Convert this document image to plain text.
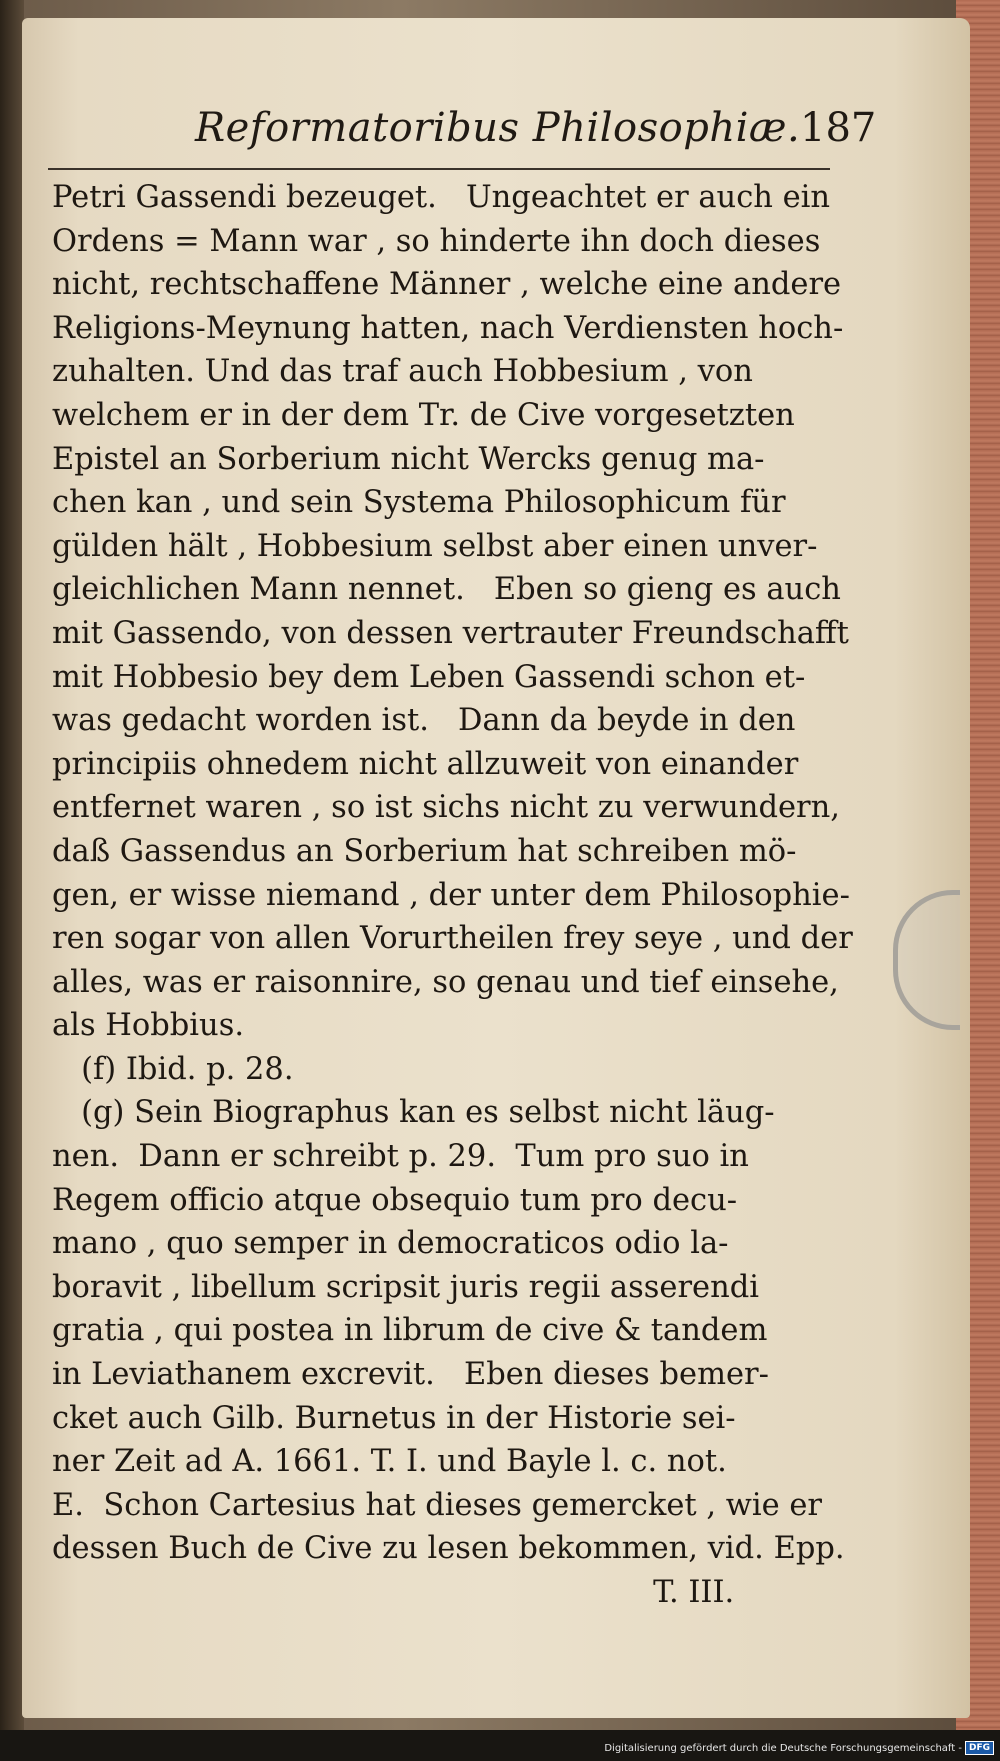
Reformatoribus Philosophiæ. 187
Petri Gassendi bezeuget.   Ungeachtet er auch ein
Ordens = Mann war , so hinderte ihn doch dieses
nicht, rechtschaffene Männer , welche eine andere
Religions-Meynung hatten, nach Verdiensten hoch-
zuhalten. Und das traf auch Hobbesium , von
welchem er in der dem Tr. de Cive vorgesetzten
Epistel an Sorberium nicht Wercks genug ma-
chen kan , und sein Systema Philosophicum für
gülden hält , Hobbesium selbst aber einen unver-
gleichlichen Mann nennet.   Eben so gieng es auch
mit Gassendo, von dessen vertrauter Freundschafft
mit Hobbesio bey dem Leben Gassendi schon et-
was gedacht worden ist.   Dann da beyde in den
principiis ohnedem nicht allzuweit von einander
entfernet waren , so ist sichs nicht zu verwundern,
daß Gassendus an Sorberium hat schreiben mö-
gen, er wisse niemand , der unter dem Philosophie-
ren sogar von allen Vorurtheilen frey seye , und der
alles, was er raisonnire, so genau und tief einsehe,
als Hobbius.
(f) Ibid. p. 28.
(g) Sein Biographus kan es selbst nicht läug-
nen.  Dann er schreibt p. 29.  Tum pro suo in
Regem officio atque obsequio tum pro decu-
mano , quo semper in democraticos odio la-
boravit , libellum scripsit juris regii asserendi
gratia , qui postea in librum de cive & tandem
in Leviathanem excrevit.   Eben dieses bemer-
cket auch Gilb. Burnetus in der Historie sei-
ner Zeit ad A. 1661. T. I. und Bayle l. c. not.
E.  Schon Cartesius hat dieses gemercket , wie er
dessen Buch de Cive zu lesen bekommen, vid. Epp.
T. III.
Digitalisierung gefördert durch die Deutsche Forschungsgemeinschaft - DFG
